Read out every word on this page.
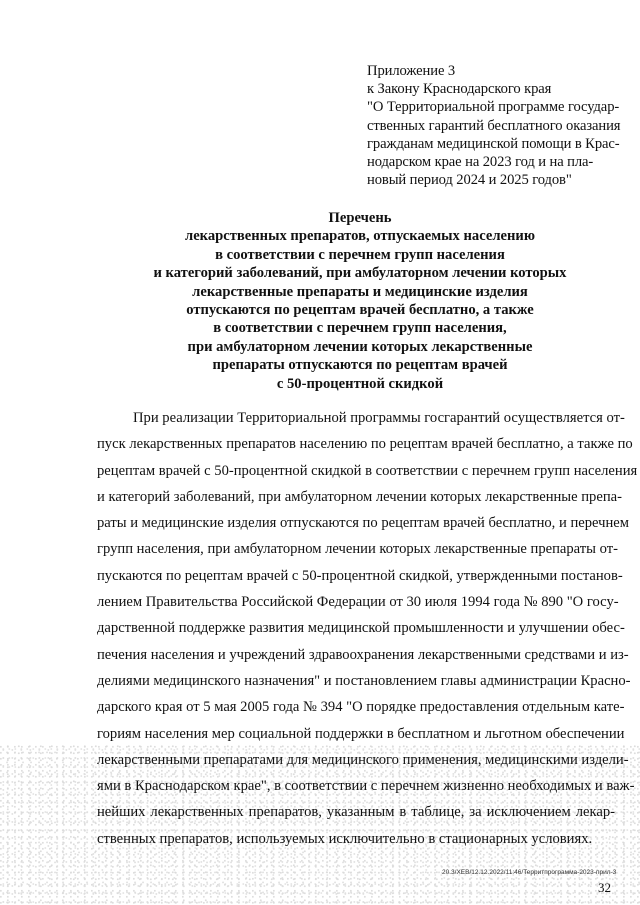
Приложение 3
к Закону Краснодарского края
"О Территориальной программе государ-
ственных гарантий бесплатного оказания
гражданам медицинской помощи в Крас-
нодарском крае на 2023 год и на пла-
новый период 2024 и 2025 годов"
Перечень
лекарственных препаратов, отпускаемых населению
в соответствии с перечнем групп населения
и категорий заболеваний, при амбулаторном лечении которых
лекарственные препараты и медицинские изделия
отпускаются по рецептам врачей бесплатно, а также
в соответствии с перечнем групп населения,
при амбулаторном лечении которых лекарственные
препараты отпускаются по рецептам врачей
с 50-процентной скидкой
При реализации Территориальной программы госгарантий осуществляется от-
пуск лекарственных препаратов населению по рецептам врачей бесплатно, а также по
рецептам врачей с 50-процентной скидкой в соответствии с перечнем групп населения
и категорий заболеваний, при амбулаторном лечении которых лекарственные препа-
раты и медицинские изделия отпускаются по рецептам врачей бесплатно, и перечнем
групп населения, при амбулаторном лечении которых лекарственные препараты от-
пускаются по рецептам врачей с 50-процентной скидкой, утвержденными постанов-
лением Правительства Российской Федерации от 30 июля 1994 года № 890 "О госу-
дарственной поддержке развития медицинской промышленности и улучшении обес-
печения населения и учреждений здравоохранения лекарственными средствами и из-
делиями медицинского назначения" и постановлением главы администрации Красно-
дарского края от 5 мая 2005 года № 394 "О порядке предоставления отдельным кате-
гориям населения мер социальной поддержки в бесплатном и льготном обеспечении
лекарственными препаратами для медицинского применения, медицинскими издели-
ями в Краснодарском крае", в соответствии с перечнем жизненно необходимых и важ-
нейших лекарственных препаратов, указанным в таблице, за исключением лекар-
ственных препаратов, используемых исключительно в стационарных условиях.
20.3/XEB/12.12.2022/11:46/Территпрограмма-2023-прил-3
32
